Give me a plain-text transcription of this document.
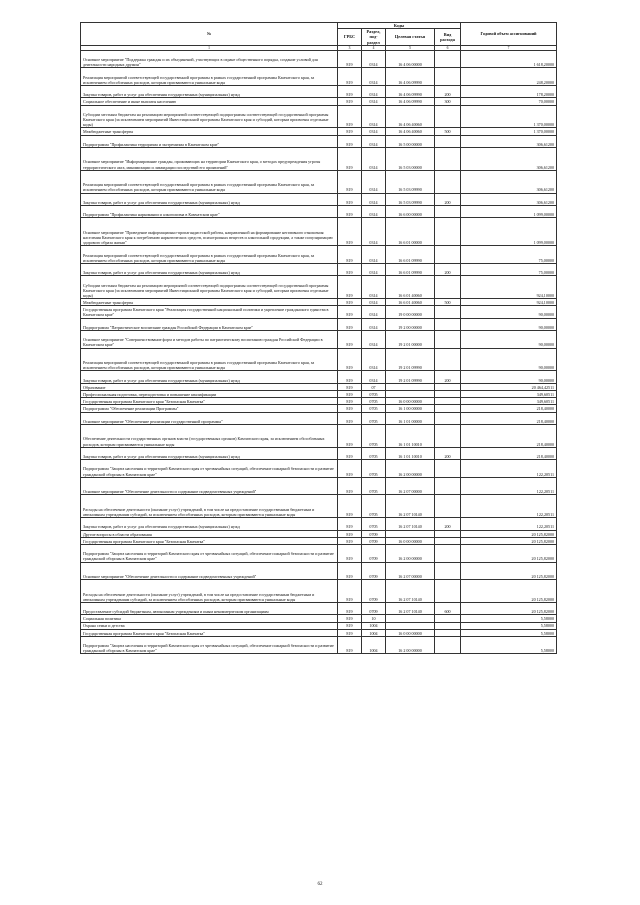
№	Коды				Годовой объем ассигнований
	ГРБС	Раздел, под-раздел	Целевая статья	Вид расхода	
1	3	4	5	6	7
Основное мероприятие "Поддержка граждан и их объединений, участвующих в охране общественного порядка, создание условий для деятельности народных дружин"	819	0314	16 4 06 00000		1 618,20000
Реализация мероприятий соответствующей государственной программы в рамках государственной программы Камчатского края, за исключением обособленных расходов, которым присваиваются уникальные коды	819	0314	16 4 06 09990		248,20000
Закупка товаров, работ и услуг для обеспечения государственных (муниципальных) нужд	819	0314	16 4 06 09990	200	178,20000
Социальное обеспечение и иные выплаты населению	819	0314	16 4 06 09990	300	70,00000
Субсидии местным бюджетам на реализацию мероприятий соответствующей подпрограммы соответствующей государственной программы Камчатского края (за исключением мероприятий Инвестиционной программы Камчатского края и субсидий, которым присвоены отдельные коды)	819	0314	16 4 06 40060		1 370,00000
Межбюджетные трансферты	819	0314	16 4 06 40060	500	1 370,00000
Подпрограмма "Профилактика терроризма и экстремизма в Камчатском крае"	819	0314	16 5 00 00000		306,61200
Основное мероприятие "Информирование граждан, проживающих на территории Камчатского края, о методах предупреждения угрозы террористического акта, минимизации и ликвидации последствий его проявлений"	819	0314	16 5 03 00000		306,61200
Реализация мероприятий соответствующей государственной программы в рамках государственной программы Камчатского края, за исключением обособленных расходов, которым присваиваются уникальные коды	819	0314	16 5 03 09990		306,61200
Закупка товаров, работ и услуг для обеспечения государственных (муниципальных) нужд	819	0314	16 5 03 09990	200	306,61200
Подпрограмма "Профилактика наркомании и алкоголизма в Камчатском крае"	819	0314	16 6 00 00000		1 099,00000
Основное мероприятие "Проведение информационно-пропагандистской работы, направленной на формирование негативного отношения населения Камчатского края к потреблению наркотических средств, психотропных веществ и алкогольной продукции, а также популяризацию здорового образа жизни"	819	0314	16 6 01 00000		1 099,00000
Реализация мероприятий соответствующей государственной программы в рамках государственной программы Камчатского края, за исключением обособленных расходов, которым присваиваются уникальные коды	819	0314	16 6 01 09990		75,00000
Закупка товаров, работ и услуг для обеспечения государственных (муниципальных) нужд	819	0314	16 6 01 09990	200	75,00000
Субсидии местным бюджетам на реализацию мероприятий соответствующей подпрограммы соответствующей государственной программы Камчатского края (за исключением мероприятий Инвестиционной программы Камчатского края и субсидий, которым присвоены отдельные коды)	819	0314	16 6 01 40060		924,10000
Межбюджетные трансферты	819	0314	16 6 01 40060	500	924,10000
Государственная программа Камчатского края "Реализация государственной национальной политики и укрепление гражданского единства в Камчатском крае"	819	0314	19 0 00 00000		90,00000
Подпрограмма "Патриотическое воспитание граждан Российской Федерации в Камчатском крае"	819	0314	19 2 00 00000		90,00000
Основное мероприятие "Совершенствование форм и методов работы по патриотическому воспитанию граждан Российской Федерации в Камчатском крае"	819	0314	19 2 01 00000		90,00000
Реализация мероприятий соответствующей государственной программы в рамках государственной программы Камчатского края, за исключением обособленных расходов, которым присваиваются уникальные коды	819	0314	19 2 01 09990		90,00000
Закупка товаров, работ и услуг для обеспечения государственных (муниципальных) нужд	819	0314	19 2 01 09990	200	90,00000
Образование	819	07			20 464,42511
Профессиональная подготовка, переподготовка и повышение квалификации	819	0705			349,60511
Государственная программа Камчатского края "Безопасная Камчатка"	819	0705	16 0 00 00000		349,60511
Подпрограмма "Обеспечение реализации Программы"	819	0705	16 1 00 00000		218,40000
Основное мероприятие "Обеспечение реализации государственной программы"	819	0705	16 1 01 00000		218,40000
Обеспечение деятельности государственных органов власти (государственных органов) Камчатского края, за исключением обособленных расходов, которым присваиваются уникальные коды	819	0705	16 1 01 10010		218,40000
Закупка товаров, работ и услуг для обеспечения государственных (муниципальных) нужд	819	0705	16 1 01 10010	200	218,40000
Подпрограмма "Защита населения и территорий Камчатского края от чрезвычайных ситуаций, обеспечение пожарной безопасности и развитие гражданской обороны в Камчатском крае"	819	0705	16 2 00 00000		122,20511
Основное мероприятие "Обеспечение деятельности и содержание подведомственных учреждений"	819	0705	16 2 07 00000		122,20511
Расходы на обеспечение деятельности (оказание услуг) учреждений, в том числе на предоставление государственным бюджетным и автономным учреждениям субсидий, за исключением обособленных расходов, которым присваиваются уникальные коды	819	0705	16 2 07 10140		122,20511
Закупка товаров, работ и услуг для обеспечения государственных (муниципальных) нужд	819	0705	16 2 07 10140	200	122,20511
Другие вопросы в области образования	819	0709			20 125,82000
Государственная программа Камчатского края "Безопасная Камчатка"	819	0709	16 0 00 00000		20 125,82000
Подпрограмма "Защита населения и территорий Камчатского края от чрезвычайных ситуаций, обеспечение пожарной безопасности и развитие гражданской обороны в Камчатском крае"	819	0709	16 2 00 00000		20 125,82000
Основное мероприятие "Обеспечение деятельности и содержание подведомственных учреждений"	819	0709	16 2 07 00000		20 125,82000
Расходы на обеспечение деятельности (оказание услуг) учреждений, в том числе на предоставление государственным бюджетным и автономным учреждениям субсидий, за исключением обособленных расходов, которым присваиваются уникальные коды	819	0709	16 2 07 10140		20 125,82000
Предоставление субсидий бюджетным, автономным учреждениям и иным некоммерческим организациям	819	0709	16 2 07 10140	600	20 125,82000
Социальная политика	819	10			5,58000
Охрана семьи и детства	819	1004			5,58000
Государственная программа Камчатского края "Безопасная Камчатка"	819	1004	16 0 00 00000		5,58000
Подпрограмма "Защита населения и территорий Камчатского края от чрезвычайных ситуаций, обеспечение пожарной безопасности и развитие гражданской обороны в Камчатском крае"	819	1004	16 2 00 00000		5,58000
62
